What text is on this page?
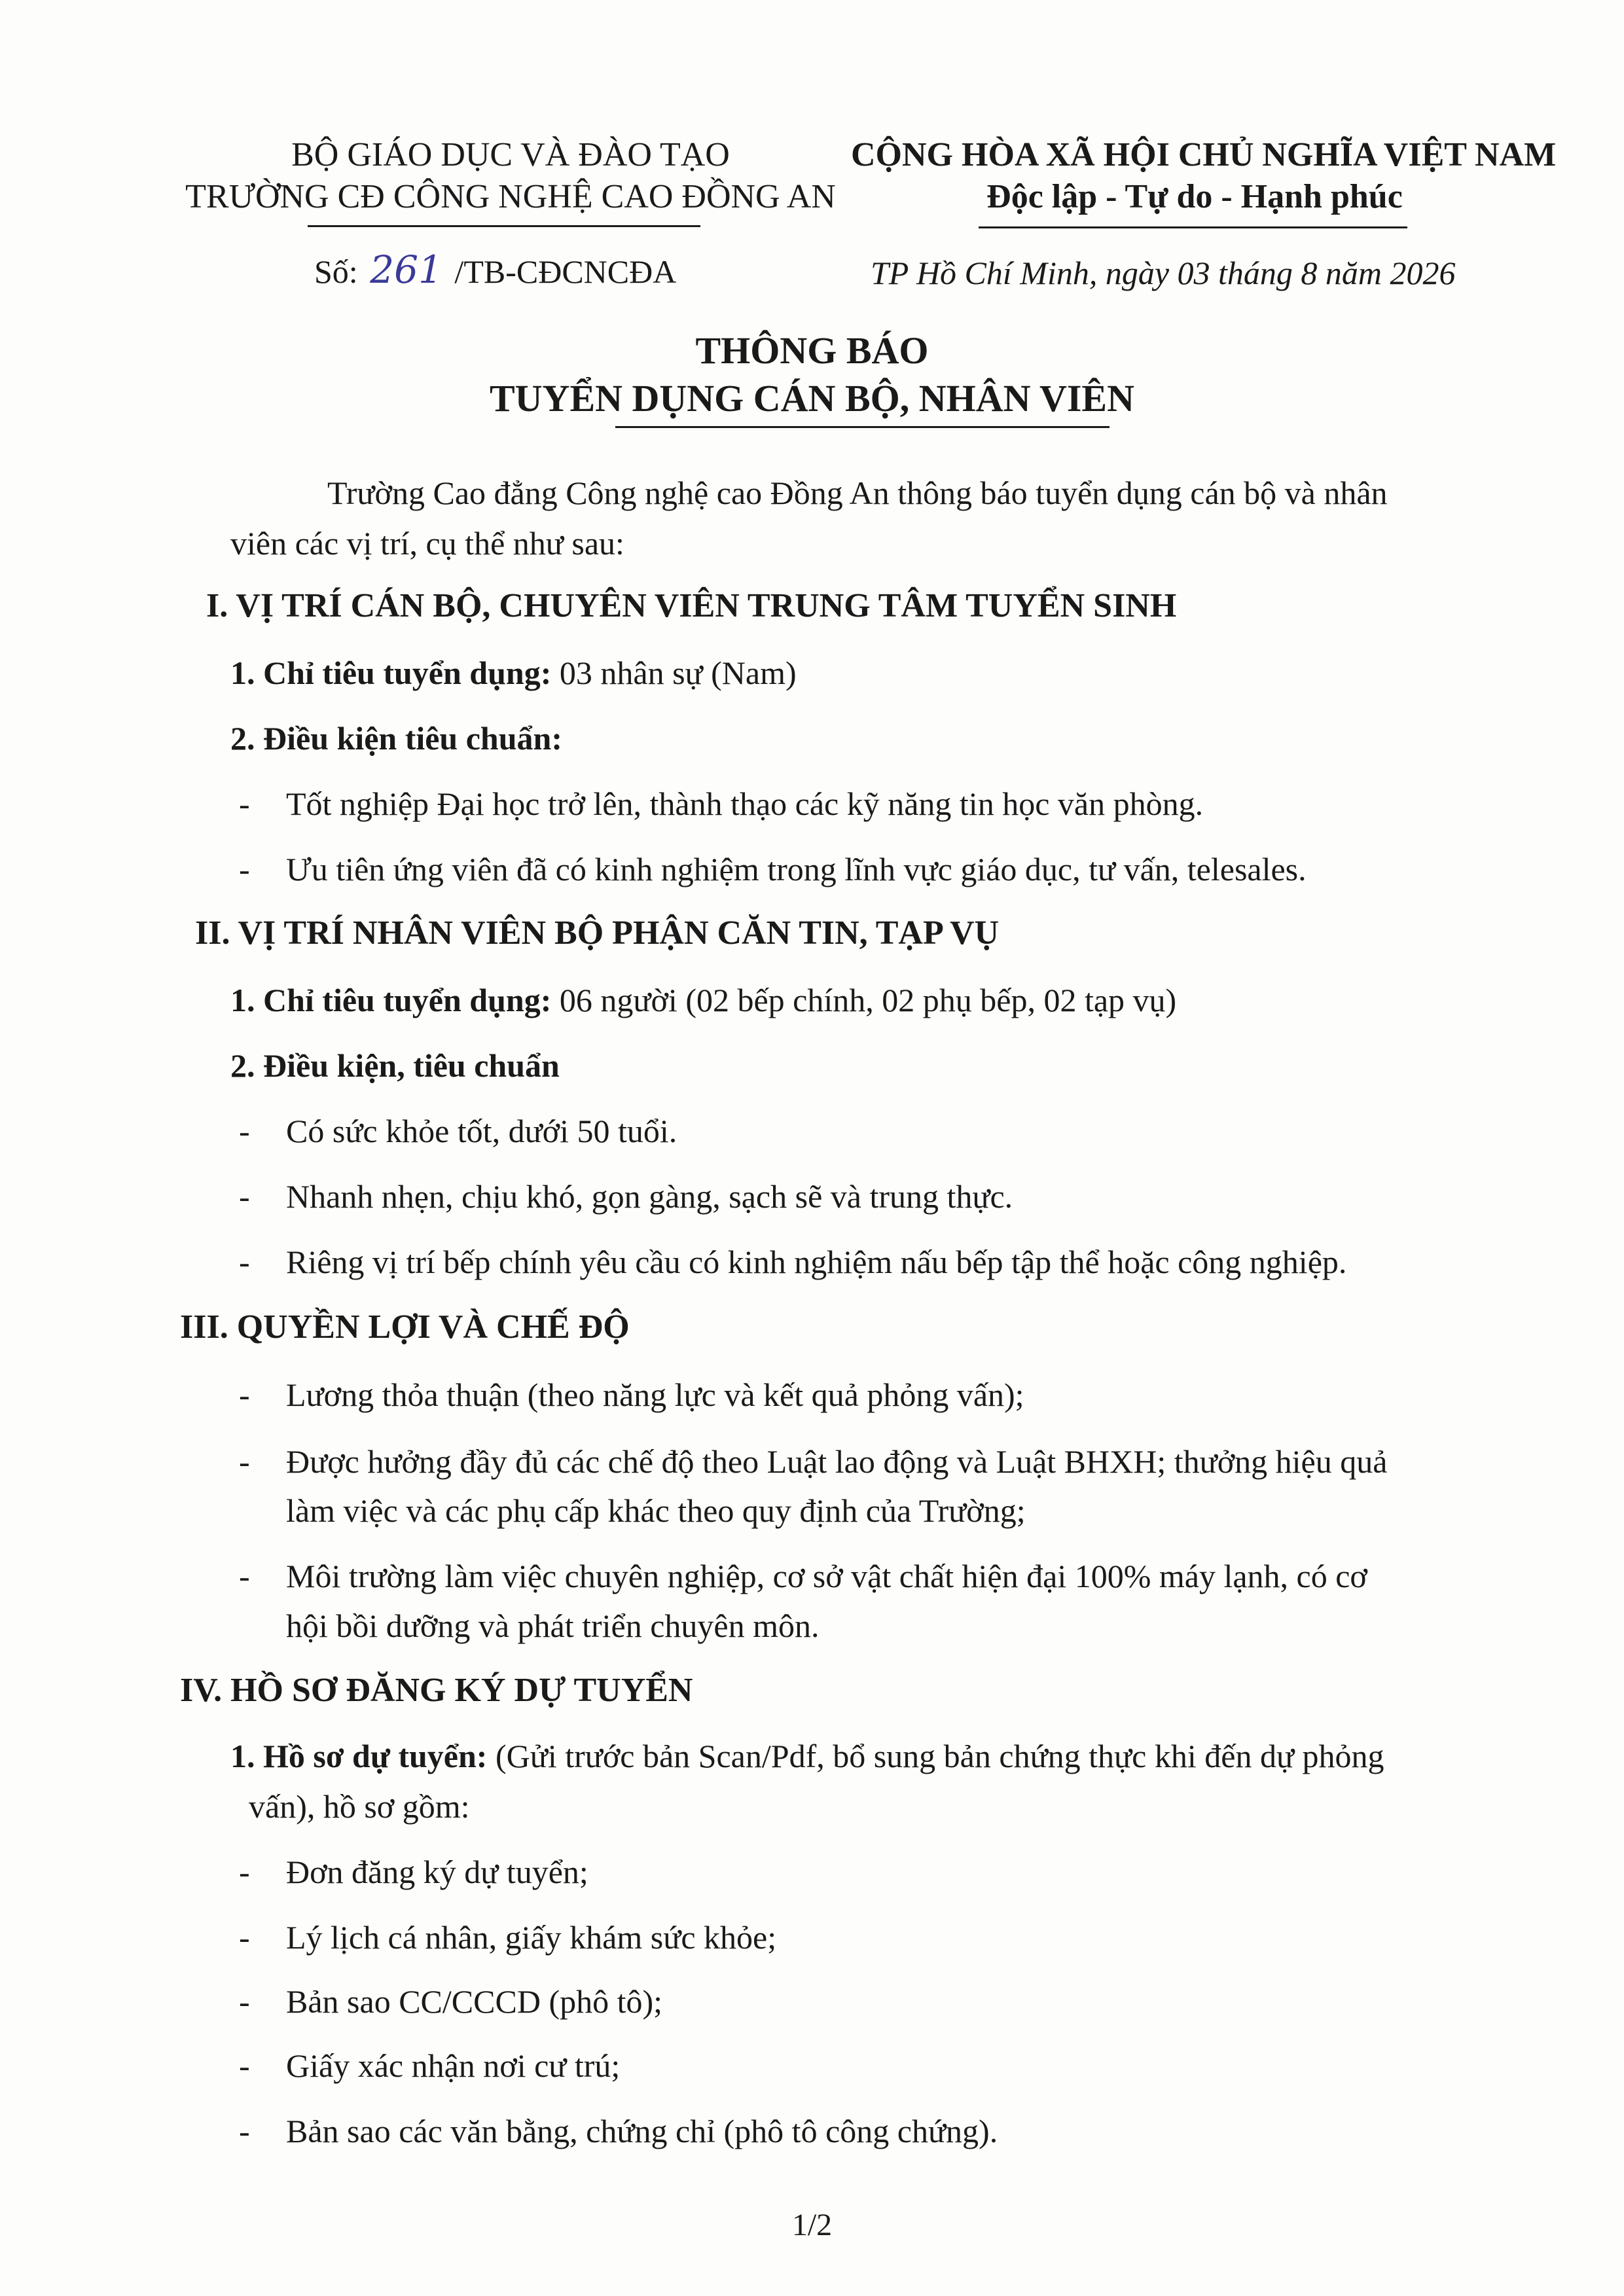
BỘ GIÁO DỤC VÀ ĐÀO TẠO
TRƯỜNG CĐ CÔNG NGHỆ CAO ĐỒNG AN
CỘNG HÒA XÃ HỘI CHỦ NGHĨA VIỆT NAM
Độc lập - Tự do - Hạnh phúc
Số: 261 /TB-CĐCNCĐA	TP Hồ Chí Minh, ngày 03 tháng 8 năm 2026
THÔNG BÁO
TUYỂN DỤNG CÁN BỘ, NHÂN VIÊN
Trường Cao đẳng Công nghệ cao Đồng An thông báo tuyển dụng cán bộ và nhân
viên các vị trí, cụ thể như sau:
I. VỊ TRÍ CÁN BỘ, CHUYÊN VIÊN TRUNG TÂM TUYỂN SINH
1. Chỉ tiêu tuyển dụng: 03 nhân sự (Nam)
2. Điều kiện tiêu chuẩn:
- Tốt nghiệp Đại học trở lên, thành thạo các kỹ năng tin học văn phòng.
- Ưu tiên ứng viên đã có kinh nghiệm trong lĩnh vực giáo dục, tư vấn, telesales.
II. VỊ TRÍ NHÂN VIÊN BỘ PHẬN CĂN TIN, TẠP VỤ
1. Chỉ tiêu tuyển dụng: 06 người (02 bếp chính, 02 phụ bếp, 02 tạp vụ)
2. Điều kiện, tiêu chuẩn
- Có sức khỏe tốt, dưới 50 tuổi.
- Nhanh nhẹn, chịu khó, gọn gàng, sạch sẽ và trung thực.
- Riêng vị trí bếp chính yêu cầu có kinh nghiệm nấu bếp tập thể hoặc công nghiệp.
III. QUYỀN LỢI VÀ CHẾ ĐỘ
- Lương thỏa thuận (theo năng lực và kết quả phỏng vấn);
- Được hưởng đầy đủ các chế độ theo Luật lao động và Luật BHXH; thưởng hiệu quả
làm việc và các phụ cấp khác theo quy định của Trường;
- Môi trường làm việc chuyên nghiệp, cơ sở vật chất hiện đại 100% máy lạnh, có cơ
hội bồi dưỡng và phát triển chuyên môn.
IV. HỒ SƠ ĐĂNG KÝ DỰ TUYỂN
1. Hồ sơ dự tuyển: (Gửi trước bản Scan/Pdf, bổ sung bản chứng thực khi đến dự phỏng
vấn), hồ sơ gồm:
- Đơn đăng ký dự tuyển;
- Lý lịch cá nhân, giấy khám sức khỏe;
- Bản sao CC/CCCD (phô tô);
- Giấy xác nhận nơi cư trú;
- Bản sao các văn bằng, chứng chỉ (phô tô công chứng).
1/2
